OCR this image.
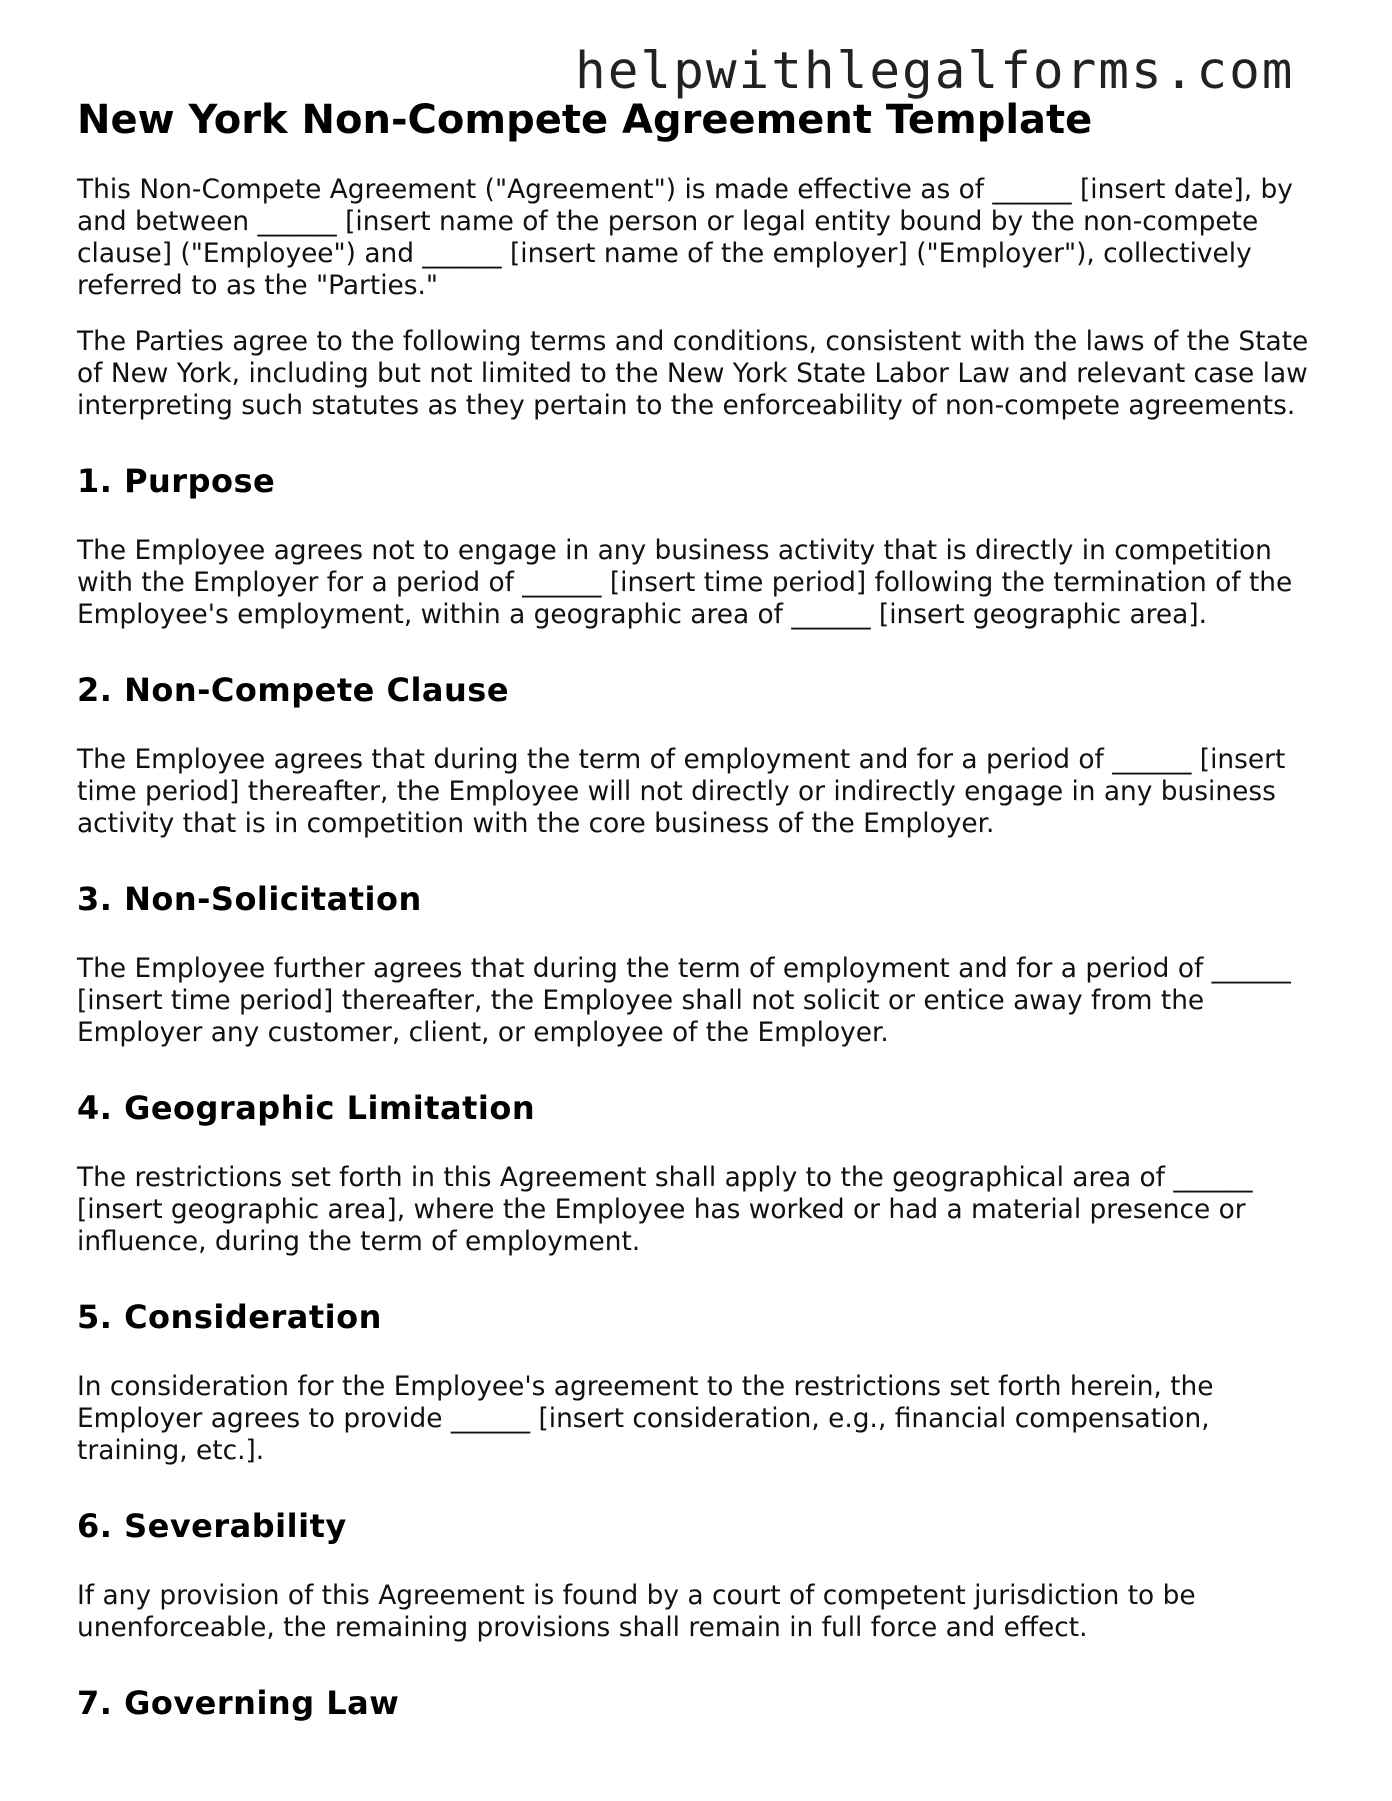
helpwithlegalforms.com
New York Non-Compete Agreement Template

This Non-Compete Agreement ("Agreement") is made effective as of ______ [insert date], by and between ______ [insert name of the person or legal entity bound by the non-compete clause] ("Employee") and ______ [insert name of the employer] ("Employer"), collectively referred to as the "Parties."

The Parties agree to the following terms and conditions, consistent with the laws of the State of New York, including but not limited to the New York State Labor Law and relevant case law interpreting such statutes as they pertain to the enforceability of non-compete agreements.

1. Purpose

The Employee agrees not to engage in any business activity that is directly in competition with the Employer for a period of ______ [insert time period] following the termination of the Employee's employment, within a geographic area of ______ [insert geographic area].

2. Non-Compete Clause

The Employee agrees that during the term of employment and for a period of ______ [insert time period] thereafter, the Employee will not directly or indirectly engage in any business activity that is in competition with the core business of the Employer.

3. Non-Solicitation

The Employee further agrees that during the term of employment and for a period of ______ [insert time period] thereafter, the Employee shall not solicit or entice away from the Employer any customer, client, or employee of the Employer.

4. Geographic Limitation

The restrictions set forth in this Agreement shall apply to the geographical area of ______ [insert geographic area], where the Employee has worked or had a material presence or influence, during the term of employment.

5. Consideration

In consideration for the Employee's agreement to the restrictions set forth herein, the Employer agrees to provide ______ [insert consideration, e.g., financial compensation, training, etc.].

6. Severability

If any provision of this Agreement is found by a court of competent jurisdiction to be unenforceable, the remaining provisions shall remain in full force and effect.

7. Governing Law
